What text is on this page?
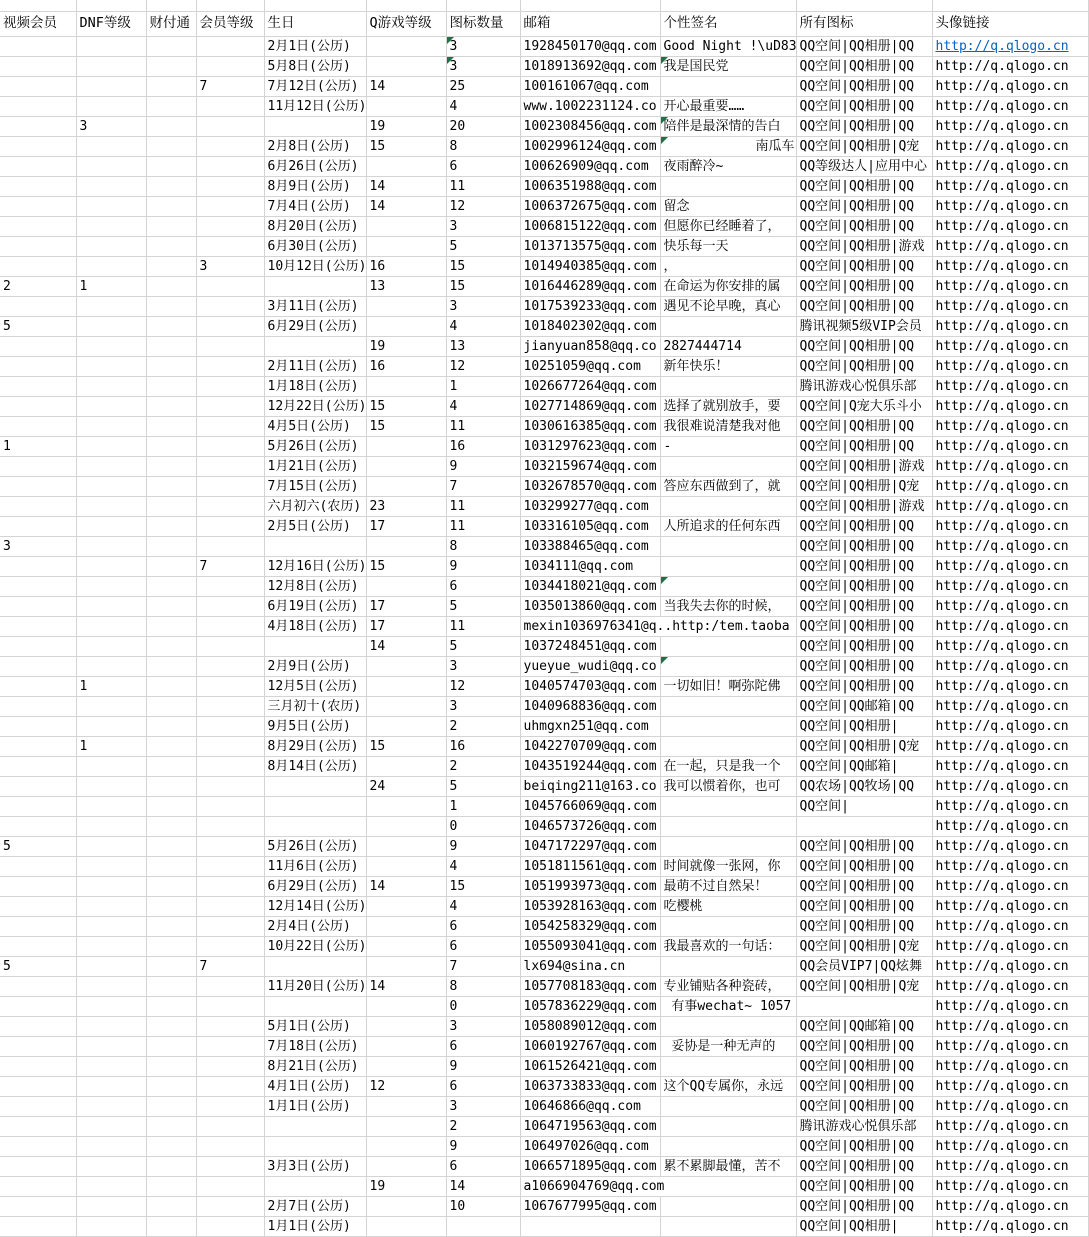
视频会员	DNF等级	财付通	会员等级	生日	Q游戏等级	图标数量	邮箱	个性签名	所有图标	头像链接
				2月1日(公历)		3	1928450170@qq.com	Good Night !\uD83	QQ空间|QQ相册|QQ	http://q.qlogo.cn
				5月8日(公历)		3	1018913692@qq.com	我是国民党	QQ空间|QQ相册|QQ	http://q.qlogo.cn
			7	7月12日(公历)	14	25	100161067@qq.com		QQ空间|QQ相册|QQ	http://q.qlogo.cn
				11月12日(公历)		4	www.1002231124.co	开心最重要……	QQ空间|QQ相册|QQ	http://q.qlogo.cn
	3				19	20	1002308456@qq.com	陪伴是最深情的告白	QQ空间|QQ相册|QQ	http://q.qlogo.cn
				2月8日(公历)	15	8	1002996124@qq.com	南瓜车	QQ空间|QQ相册|Q宠	http://q.qlogo.cn
				6月26日(公历)		6	100626909@qq.com	夜雨醉冷~	QQ等级达人|应用中心	http://q.qlogo.cn
				8月9日(公历)	14	11	1006351988@qq.com		QQ空间|QQ相册|QQ	http://q.qlogo.cn
				7月4日(公历)	14	12	1006372675@qq.com	留念	QQ空间|QQ相册|QQ	http://q.qlogo.cn
				8月20日(公历)		3	1006815122@qq.com	但愿你已经睡着了，	QQ空间|QQ相册|QQ	http://q.qlogo.cn
				6月30日(公历)		5	1013713575@qq.com	快乐每一天	QQ空间|QQ相册|游戏	http://q.qlogo.cn
			3	10月12日(公历)	16	15	1014940385@qq.com	，	QQ空间|QQ相册|QQ	http://q.qlogo.cn
2	1				13	15	1016446289@qq.com	在命运为你安排的属	QQ空间|QQ相册|QQ	http://q.qlogo.cn
				3月11日(公历)		3	1017539233@qq.com	遇见不论早晚，真心	QQ空间|QQ相册|QQ	http://q.qlogo.cn
5				6月29日(公历)		4	1018402302@qq.com		腾讯视频5级VIP会员	http://q.qlogo.cn
					19	13	jianyuan858@qq.co	2827444714	QQ空间|QQ相册|QQ	http://q.qlogo.cn
				2月11日(公历)	16	12	10251059@qq.com	新年快乐！	QQ空间|QQ相册|QQ	http://q.qlogo.cn
				1月18日(公历)		1	1026677264@qq.com		腾讯游戏心悦俱乐部	http://q.qlogo.cn
				12月22日(公历)	15	4	1027714869@qq.com	选择了就别放手，要	QQ空间|Q宠大乐斗小	http://q.qlogo.cn
				4月5日(公历)	15	11	1030616385@qq.com	我很难说清楚我对他	QQ空间|QQ相册|QQ	http://q.qlogo.cn
1				5月26日(公历)		16	1031297623@qq.com	-	QQ空间|QQ相册|QQ	http://q.qlogo.cn
				1月21日(公历)		9	1032159674@qq.com		QQ空间|QQ相册|游戏	http://q.qlogo.cn
				7月15日(公历)		7	1032678570@qq.com	答应东西做到了，就	QQ空间|QQ相册|Q宠	http://q.qlogo.cn
				六月初六(农历)	23	11	103299277@qq.com		QQ空间|QQ相册|游戏	http://q.qlogo.cn
				2月5日(公历)	17	11	103316105@qq.com	人所追求的任何东西	QQ空间|QQ相册|QQ	http://q.qlogo.cn
3						8	103388465@qq.com		QQ空间|QQ相册|QQ	http://q.qlogo.cn
			7	12月16日(公历)	15	9	1034111@qq.com		QQ空间|QQ相册|QQ	http://q.qlogo.cn
				12月8日(公历)		6	1034418021@qq.com		QQ空间|QQ相册|QQ	http://q.qlogo.cn
				6月19日(公历)	17	5	1035013860@qq.com	当我失去你的时候，	QQ空间|QQ相册|QQ	http://q.qlogo.cn
				4月18日(公历)	17	11	mexin1036976341@q..http:/tem.taoba		QQ空间|QQ相册|QQ	http://q.qlogo.cn
					14	5	1037248451@qq.com		QQ空间|QQ相册|QQ	http://q.qlogo.cn
				2月9日(公历)		3	yueyue_wudi@qq.co		QQ空间|QQ相册|QQ	http://q.qlogo.cn
	1			12月5日(公历)		12	1040574703@qq.com	一切如旧！啊弥陀佛	QQ空间|QQ相册|QQ	http://q.qlogo.cn
				三月初十(农历)		3	1040968836@qq.com		QQ空间|QQ邮箱|QQ	http://q.qlogo.cn
				9月5日(公历)		2	uhmgxn251@qq.com		QQ空间|QQ相册|	http://q.qlogo.cn
	1			8月29日(公历)	15	16	1042270709@qq.com		QQ空间|QQ相册|Q宠	http://q.qlogo.cn
				8月14日(公历)		2	1043519244@qq.com	在一起，只是我一个	QQ空间|QQ邮箱|	http://q.qlogo.cn
					24	5	beiqing211@163.co	我可以惯着你，也可	QQ农场|QQ牧场|QQ	http://q.qlogo.cn
						1	1045766069@qq.com		QQ空间|	http://q.qlogo.cn
						0	1046573726@qq.com			http://q.qlogo.cn
5				5月26日(公历)		9	1047172297@qq.com		QQ空间|QQ相册|QQ	http://q.qlogo.cn
				11月6日(公历)		4	1051811561@qq.com	时间就像一张网，你	QQ空间|QQ相册|QQ	http://q.qlogo.cn
				6月29日(公历)	14	15	1051993973@qq.com	最萌不过自然呆！	QQ空间|QQ相册|QQ	http://q.qlogo.cn
				12月14日(公历)		4	1053928163@qq.com	吃樱桃	QQ空间|QQ相册|QQ	http://q.qlogo.cn
				2月4日(公历)		6	1054258329@qq.com		QQ空间|QQ相册|QQ	http://q.qlogo.cn
				10月22日(公历)		6	1055093041@qq.com	我最喜欢的一句话：	QQ空间|QQ相册|Q宠	http://q.qlogo.cn
5			7			7	lx694@sina.cn		QQ会员VIP7|QQ炫舞	http://q.qlogo.cn
				11月20日(公历)	14	8	1057708183@qq.com	专业铺贴各种瓷砖，	QQ空间|QQ相册|Q宠	http://q.qlogo.cn
						0	1057836229@qq.com	有事wechat~ 1057		http://q.qlogo.cn
				5月1日(公历)		3	1058089012@qq.com		QQ空间|QQ邮箱|QQ	http://q.qlogo.cn
				7月18日(公历)		6	1060192767@qq.com	妥协是一种无声的	QQ空间|QQ相册|QQ	http://q.qlogo.cn
				8月21日(公历)		9	1061526421@qq.com		QQ空间|QQ相册|QQ	http://q.qlogo.cn
				4月1日(公历)	12	6	1063733833@qq.com	这个QQ专属你，永远	QQ空间|QQ相册|QQ	http://q.qlogo.cn
				1月1日(公历)		3	10646866@qq.com		QQ空间|QQ相册|QQ	http://q.qlogo.cn
						2	1064719563@qq.com		腾讯游戏心悦俱乐部	http://q.qlogo.cn
						9	106497026@qq.com		QQ空间|QQ相册|QQ	http://q.qlogo.cn
				3月3日(公历)		6	1066571895@qq.com	累不累脚最懂，苦不	QQ空间|QQ相册|QQ	http://q.qlogo.cn
					19	14	a1066904769@qq.com		QQ空间|QQ相册|QQ	http://q.qlogo.cn
				2月7日(公历)		10	1067677995@qq.com		QQ空间|QQ相册|QQ	http://q.qlogo.cn
				1月1日(公历)					QQ空间|QQ相册|	http://q.qlogo.cn
